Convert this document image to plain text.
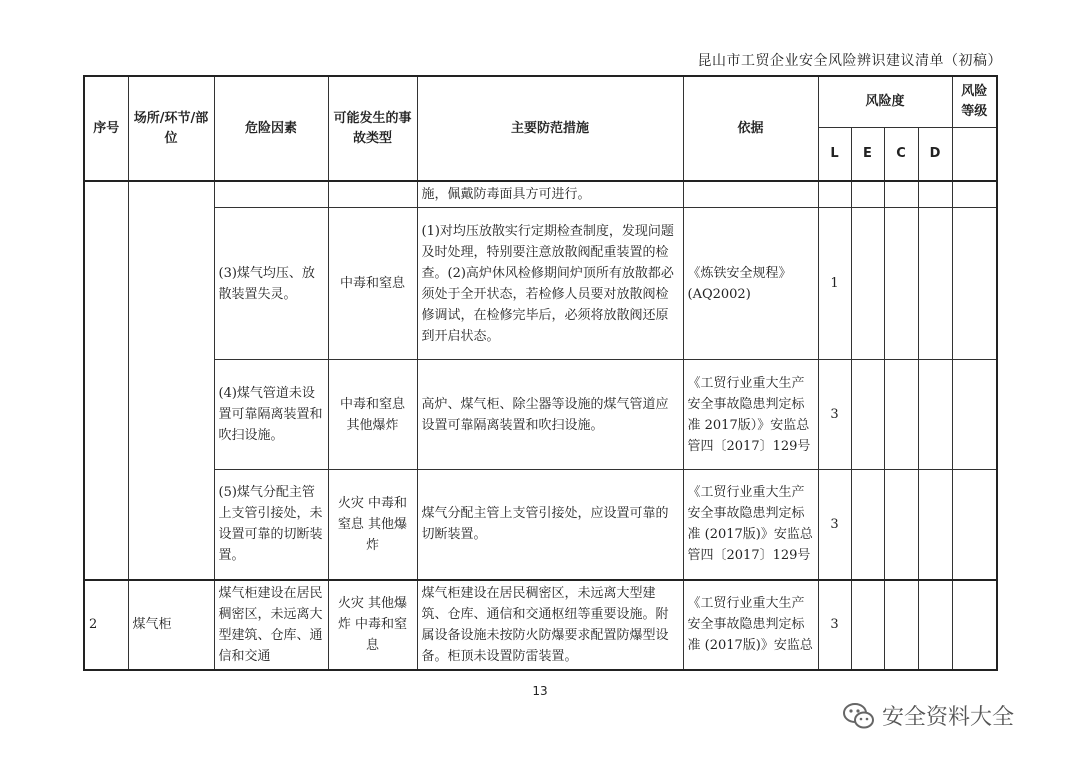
昆山市工贸企业安全风险辨识建议清单（初稿）
序号	场所/环节/部位	危险因素	可能发生的事故类型	主要防范措施	依据	风险度				风险等级
						L	E	C	D	
				施，佩戴防毒面具方可进行。						
		(3)煤气均压、放散装置失灵。	中毒和窒息	(1)对均压放散实行定期检查制度，发现问题及时处理，特别要注意放散阀配重装置的检查。(2)高炉休风检修期间炉顶所有放散都必须处于全开状态，若检修人员要对放散阀检修调试，在检修完毕后，必须将放散阀还原到开启状态。	《炼铁安全规程》(AQ2002)	1				
		(4)煤气管道未设置可靠隔离装置和吹扫设施。	中毒和窒息 其他爆炸	高炉、煤气柜、除尘器等设施的煤气管道应设置可靠隔离装置和吹扫设施。	《工贸行业重大生产安全事故隐患判定标准 2017版）》安监总管四〔2017〕129号	3				
		(5)煤气分配主管上支管引接处，未设置可靠的切断装置。	火灾 中毒和窒息 其他爆炸	煤气分配主管上支管引接处，应设置可靠的切断装置。	《工贸行业重大生产安全事故隐患判定标准 (2017版)》安监总管四〔2017〕129号	3				
2	煤气柜	煤气柜建设在居民稠密区，未远离大型建筑、仓库、通信和交通	火灾 其他爆炸 中毒和窒息	煤气柜建设在居民稠密区，未远离大型建筑、仓库、通信和交通枢纽等重要设施。附属设备设施未按防火防爆要求配置防爆型设备。柜顶未设置防雷装置。	《工贸行业重大生产安全事故隐患判定标准 (2017版)》安监总	3				
13
安全资料大全
